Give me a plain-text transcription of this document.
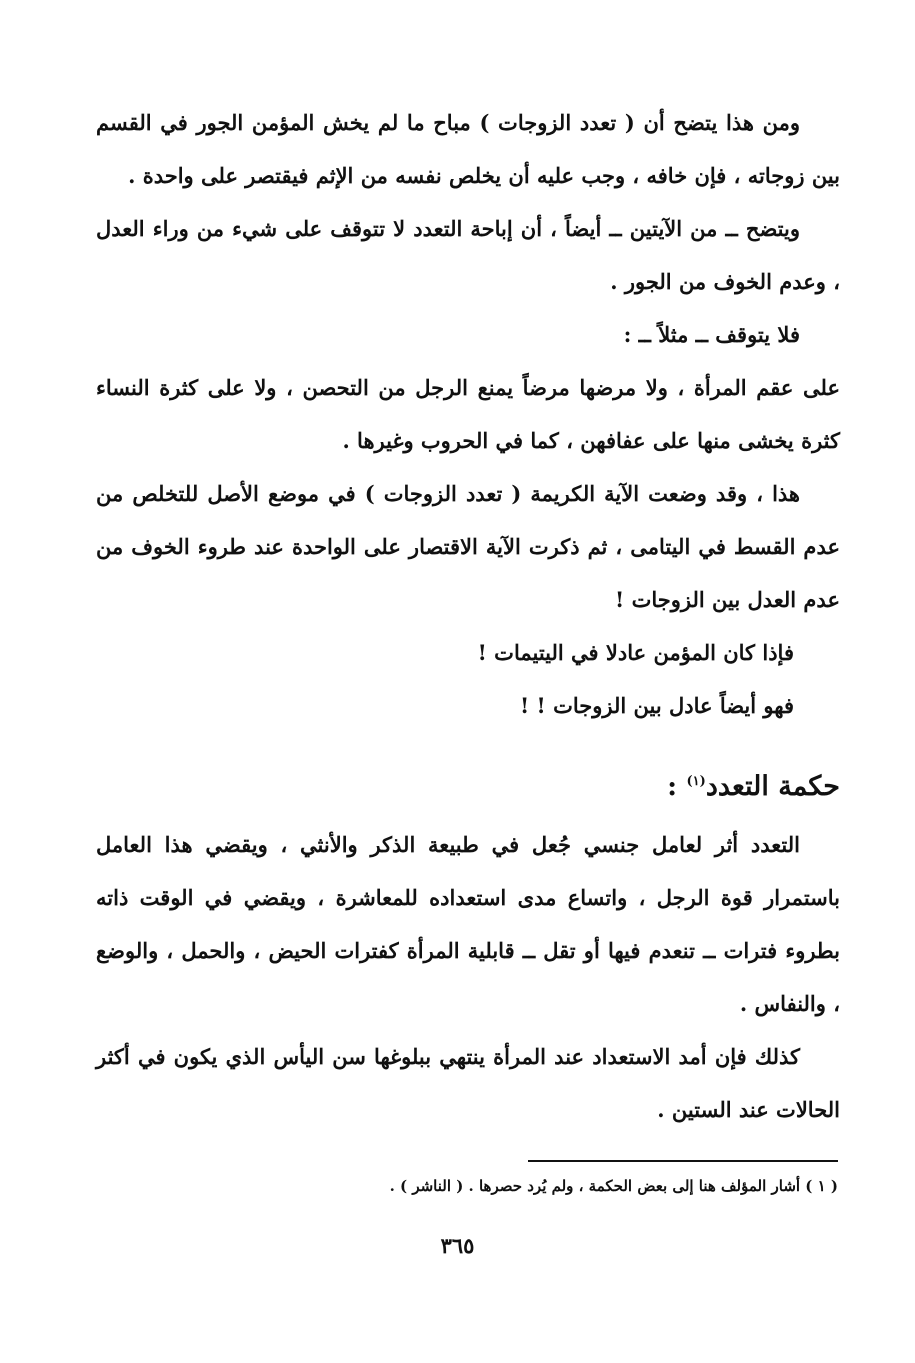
ومن هذا يتضح أن ( تعدد الزوجات ) مباح ما لم يخش المؤمن الجور في القسم بين زوجاته ، فإن خافه ، وجب عليه أن يخلص نفسه من الإثم فيقتصر على واحدة .

ويتضح ــ من الآيتين ــ أيضاً ، أن إباحة التعدد لا تتوقف على شيء من وراء العدل ، وعدم الخوف من الجور .

فلا يتوقف ــ مثلاً ــ :

على عقم المرأة ، ولا مرضها مرضاً يمنع الرجل من التحصن ، ولا على كثرة النساء كثرة يخشى منها على عفافهن ، كما في الحروب وغيرها .

هذا ، وقد وضعت الآية الكريمة ( تعدد الزوجات ) في موضع الأصل للتخلص من عدم القسط في اليتامى ، ثم ذكرت الآية الاقتصار على الواحدة عند طروء الخوف من عدم العدل بين الزوجات !

فإذا كان المؤمن عادلا في اليتيمات !

فهو أيضاً عادل بين الزوجات ! !

حكمة التعدد$^{(١)}$ :

التعدد أثر لعامل جنسي جُعل في طبيعة الذكر والأنثي ، ويقضي هذا العامل باستمرار قوة الرجل ، واتساع مدى استعداده للمعاشرة ، ويقضي في الوقت ذاته بطروء فترات ــ تنعدم فيها أو تقل ــ قابلية المرأة كفترات الحيض ، والحمل ، والوضع ، والنفاس .

كذلك فإن أمد الاستعداد عند المرأة ينتهي ببلوغها سن اليأس الذي يكون في أكثر الحالات عند الستين .

( ١ ) أشار المؤلف هنا إلى بعض الحكمة ، ولم يُرد حصرها . ( الناشر ) .
٣٦٥
